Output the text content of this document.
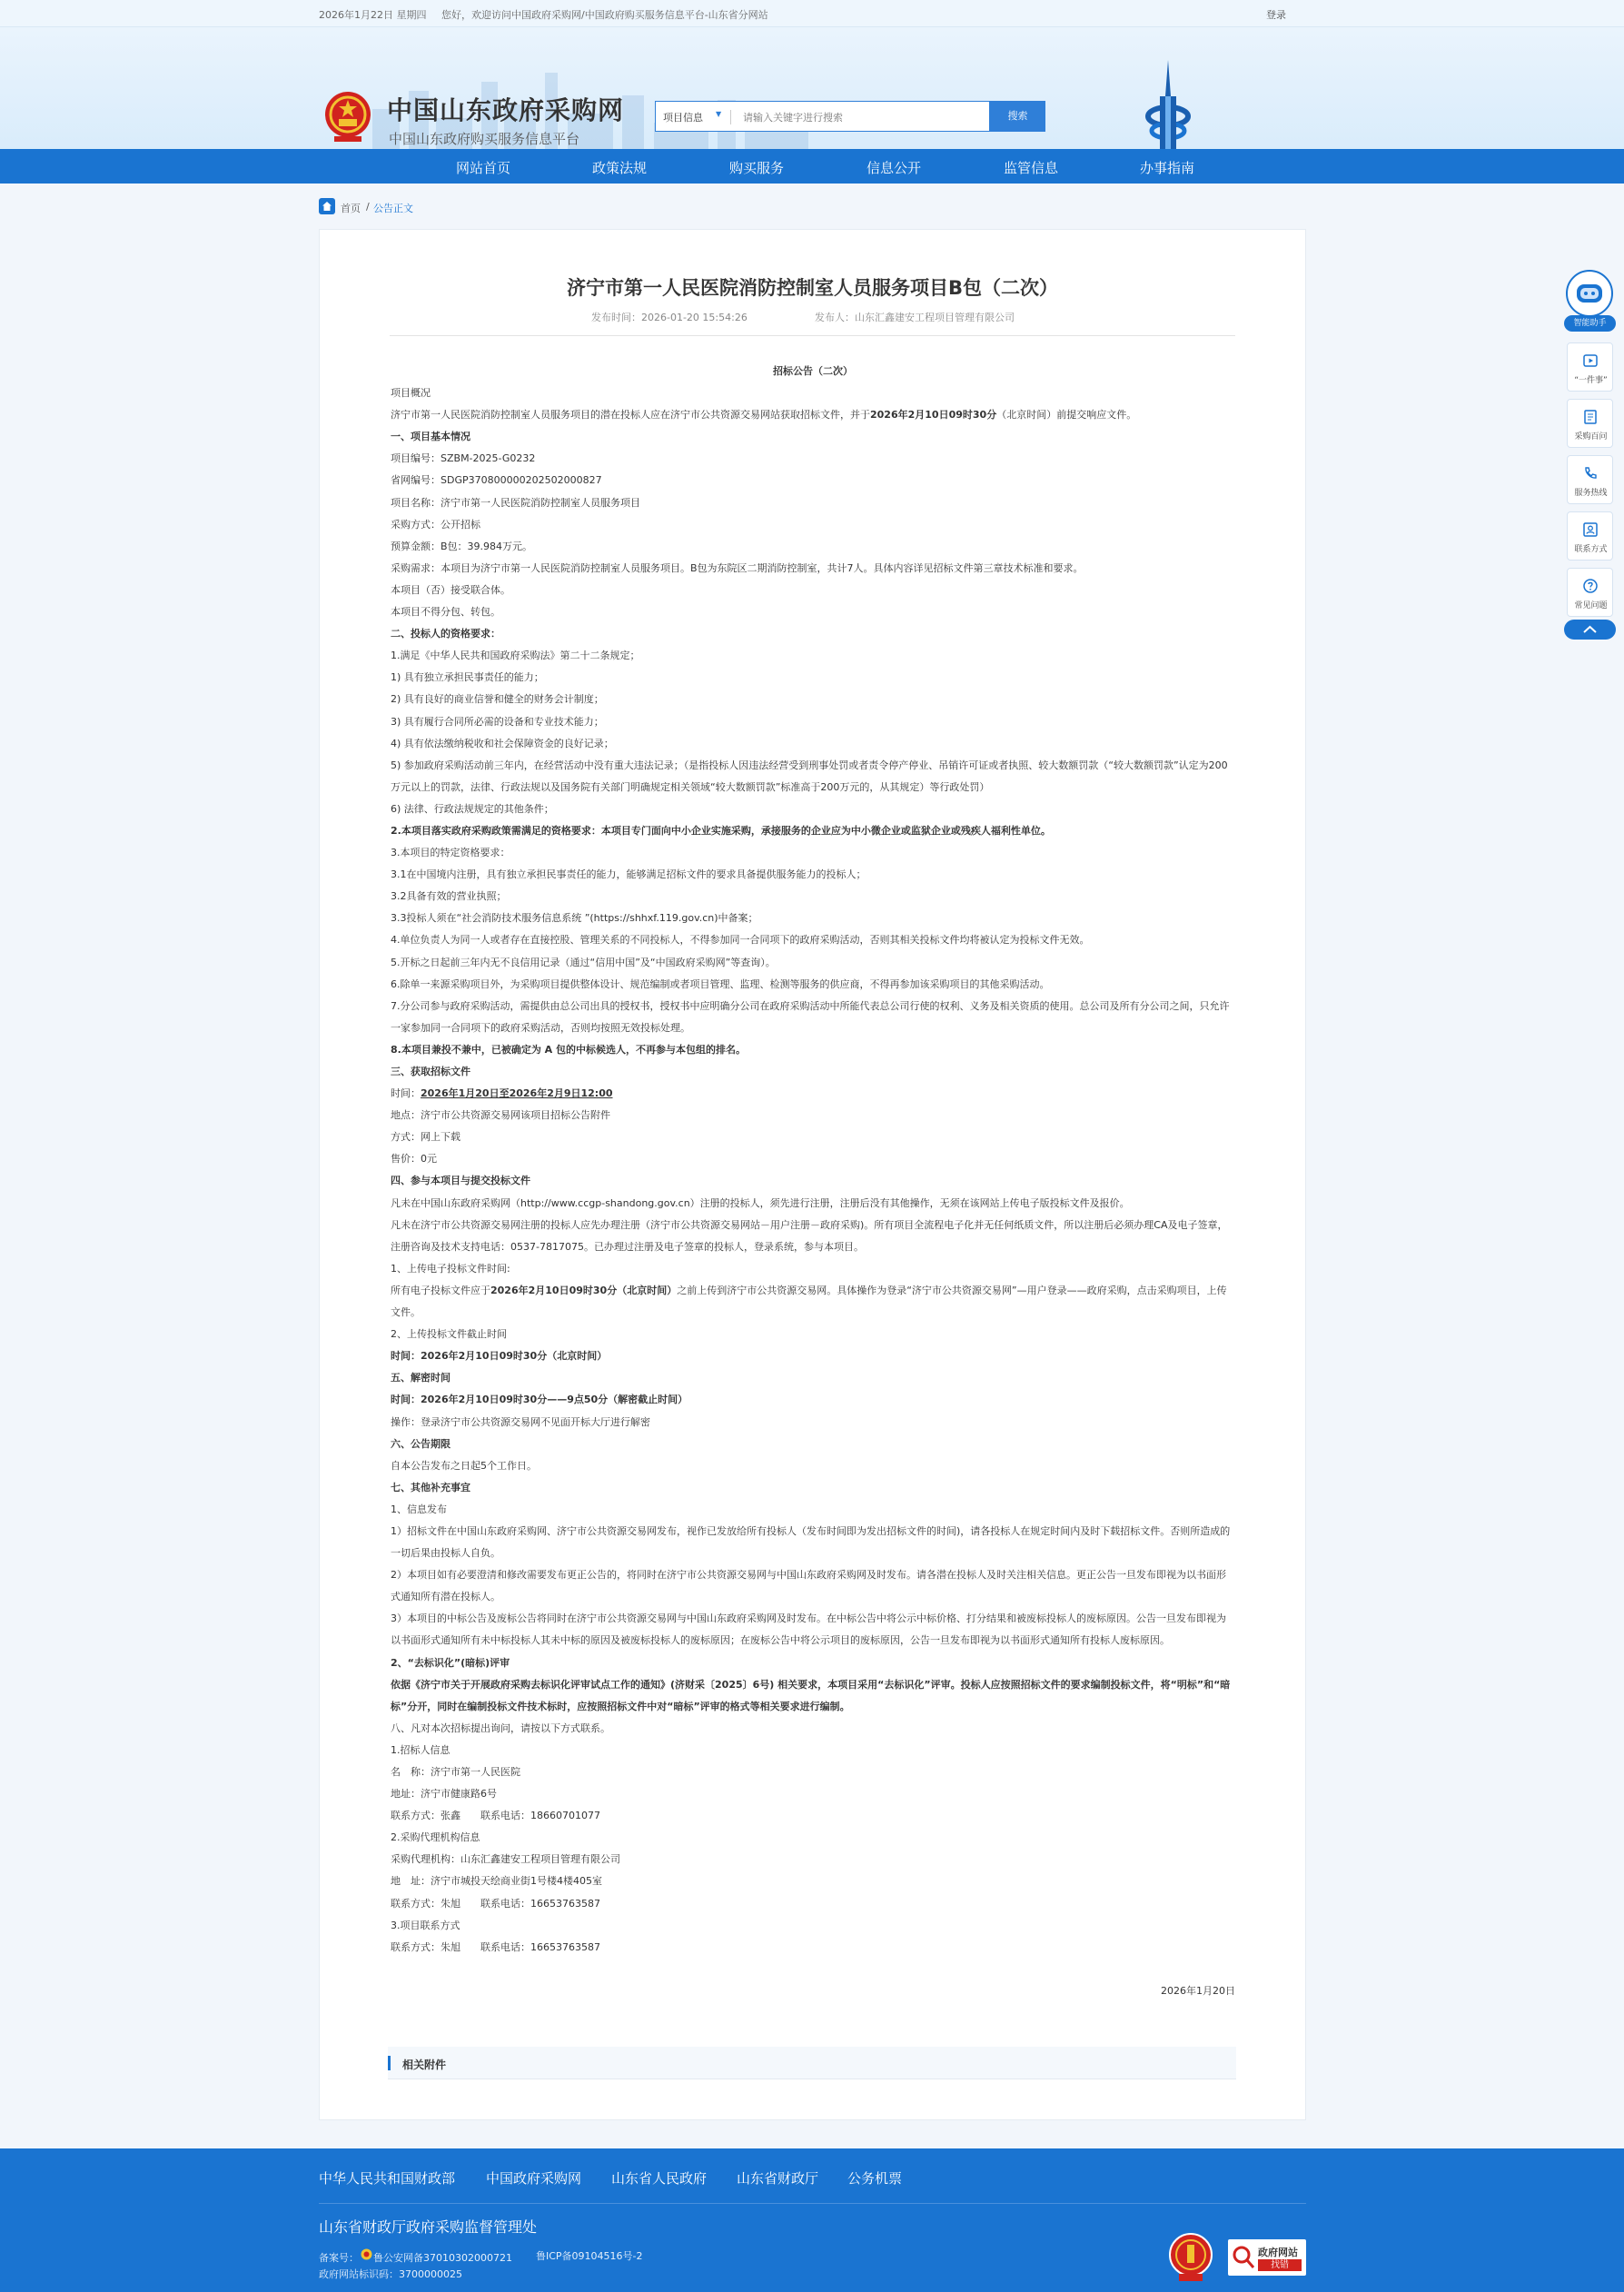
2026年1月22日 星期四 您好，欢迎访问中国政府采购网/中国政府购买服务信息平台-山东省分网站	登录
中国山东政府采购网
中国山东政府购买服务信息平台
项目信息 ▼
请输入关键字进行搜索	搜索
网站首页	政策法规	购买服务	信息公开	监管信息	办事指南
首页 / 公告正文
济宁市第一人民医院消防控制室人员服务项目B包（二次）
发布时间：2026-01-20 15:54:26	发布人：山东汇鑫建安工程项目管理有限公司

招标公告（二次）

项目概况

济宁市第一人民医院消防控制室人员服务项目的潜在投标人应在济宁市公共资源交易网站获取招标文件，并于2026年2月10日09时30分（北京时间）前提交响应文件。

一、项目基本情况

项目编号：SZBM-2025-G0232

省网编号：SDGP370800000202502000827

项目名称：济宁市第一人民医院消防控制室人员服务项目

采购方式：公开招标

预算金额：B包：39.984万元。

采购需求：本项目为济宁市第一人民医院消防控制室人员服务项目。B包为东院区二期消防控制室，共计7人。具体内容详见招标文件第三章技术标准和要求。

本项目（否）接受联合体。

本项目不得分包、转包。

二、投标人的资格要求：

1.满足《中华人民共和国政府采购法》第二十二条规定；

1) 具有独立承担民事责任的能力；

2) 具有良好的商业信誉和健全的财务会计制度；

3) 具有履行合同所必需的设备和专业技术能力；

4) 具有依法缴纳税收和社会保障资金的良好记录；

5) 参加政府采购活动前三年内，在经营活动中没有重大违法记录；（是指投标人因违法经营受到刑事处罚或者责令停产停业、吊销许可证或者执照、较大数额罚款（“较大数额罚款”认定为200万元以上的罚款，法律、行政法规以及国务院有关部门明确规定相关领域“较大数额罚款”标准高于200万元的，从其规定）等行政处罚）

6) 法律、行政法规规定的其他条件；

2.本项目落实政府采购政策需满足的资格要求：本项目专门面向中小企业实施采购，承接服务的企业应为中小微企业或监狱企业或残疾人福利性单位。

3.本项目的特定资格要求：

3.1在中国境内注册，具有独立承担民事责任的能力，能够满足招标文件的要求具备提供服务能力的投标人；

3.2具备有效的营业执照；

3.3投标人须在“社会消防技术服务信息系统 ”(https://shhxf.119.gov.cn)中备案；

4.单位负责人为同一人或者存在直接控股、管理关系的不同投标人，不得参加同一合同项下的政府采购活动，否则其相关投标文件均将被认定为投标文件无效。

5.开标之日起前三年内无不良信用记录（通过“信用中国”及“中国政府采购网”等查询）。

6.除单一来源采购项目外，为采购项目提供整体设计、规范编制或者项目管理、监理、检测等服务的供应商，不得再参加该采购项目的其他采购活动。

7.分公司参与政府采购活动，需提供由总公司出具的授权书，授权书中应明确分公司在政府采购活动中所能代表总公司行使的权利、义务及相关资质的使用。总公司及所有分公司之间，只允许一家参加同一合同项下的政府采购活动，否则均按照无效投标处理。

8.本项目兼投不兼中，已被确定为 A 包的中标候选人，不再参与本包组的排名。

三、获取招标文件

时间：2026年1月20日至2026年2月9日12:00

地点：济宁市公共资源交易网该项目招标公告附件

方式：网上下载

售价：0元

四、参与本项目与提交投标文件

凡未在中国山东政府采购网（http://www.ccgp-shandong.gov.cn）注册的投标人，须先进行注册，注册后没有其他操作，无须在该网站上传电子版投标文件及报价。

凡未在济宁市公共资源交易网注册的投标人应先办理注册（济宁市公共资源交易网站－用户注册－政府采购)。所有项目全流程电子化并无任何纸质文件，所以注册后必须办理CA及电子签章，注册咨询及技术支持电话：0537-7817075。已办理过注册及电子签章的投标人，登录系统，参与本项目。

1、上传电子投标文件时间:

所有电子投标文件应于2026年2月10日09时30分（北京时间）之前上传到济宁市公共资源交易网。具体操作为登录“济宁市公共资源交易网”—用户登录——政府采购，点击采购项目，上传文件。

2、上传投标文件截止时间

时间：2026年2月10日09时30分（北京时间）

五、解密时间

时间：2026年2月10日09时30分——9点50分（解密截止时间）

操作：登录济宁市公共资源交易网不见面开标大厅进行解密

六、公告期限

自本公告发布之日起5个工作日。

七、其他补充事宜

1、信息发布

1）招标文件在中国山东政府采购网、济宁市公共资源交易网发布，视作已发放给所有投标人（发布时间即为发出招标文件的时间)，请各投标人在规定时间内及时下载招标文件。否则所造成的一切后果由投标人自负。

2）本项目如有必要澄清和修改需要发布更正公告的，将同时在济宁市公共资源交易网与中国山东政府采购网及时发布。请各潜在投标人及时关注相关信息。更正公告一旦发布即视为以书面形式通知所有潜在投标人。

3）本项目的中标公告及废标公告将同时在济宁市公共资源交易网与中国山东政府采购网及时发布。在中标公告中将公示中标价格、打分结果和被废标投标人的废标原因。公告一旦发布即视为以书面形式通知所有未中标投标人其未中标的原因及被废标投标人的废标原因；在废标公告中将公示项目的废标原因，公告一旦发布即视为以书面形式通知所有投标人废标原因。

2、“去标识化”(暗标)评审

依据《济宁市关于开展政府采购去标识化评审试点工作的通知》(济财采〔2025〕6号) 相关要求，本项目采用“去标识化”评审。投标人应按照招标文件的要求编制投标文件，将“明标”和“暗标”分开，同时在编制投标文件技术标时，应按照招标文件中对“暗标”评审的格式等相关要求进行编制。

八、凡对本次招标提出询问，请按以下方式联系。

1.招标人信息

名　称：济宁市第一人民医院

地址：济宁市健康路6号

联系方式：张鑫　　联系电话：18660701077

2.采购代理机构信息

采购代理机构：山东汇鑫建安工程项目管理有限公司

地　址：济宁市城投天绘商业街1号楼4楼405室

联系方式：朱旭　　联系电话：16653763587

3.项目联系方式

联系方式：朱旭　　联系电话：16653763587

2026年1月20日

相关附件
智能助手
“一件事”
采购百问
服务热线
联系方式
常见问题
中华人民共和国财政部 中国政府采购网 山东省人民政府 山东省财政厅 公务机票
山东省财政厅政府采购监督管理处
备案号： 鲁公安网备37010302000721 鲁ICP备09104516号-2
政府网站标识码：3700000025
政府网站
找错
